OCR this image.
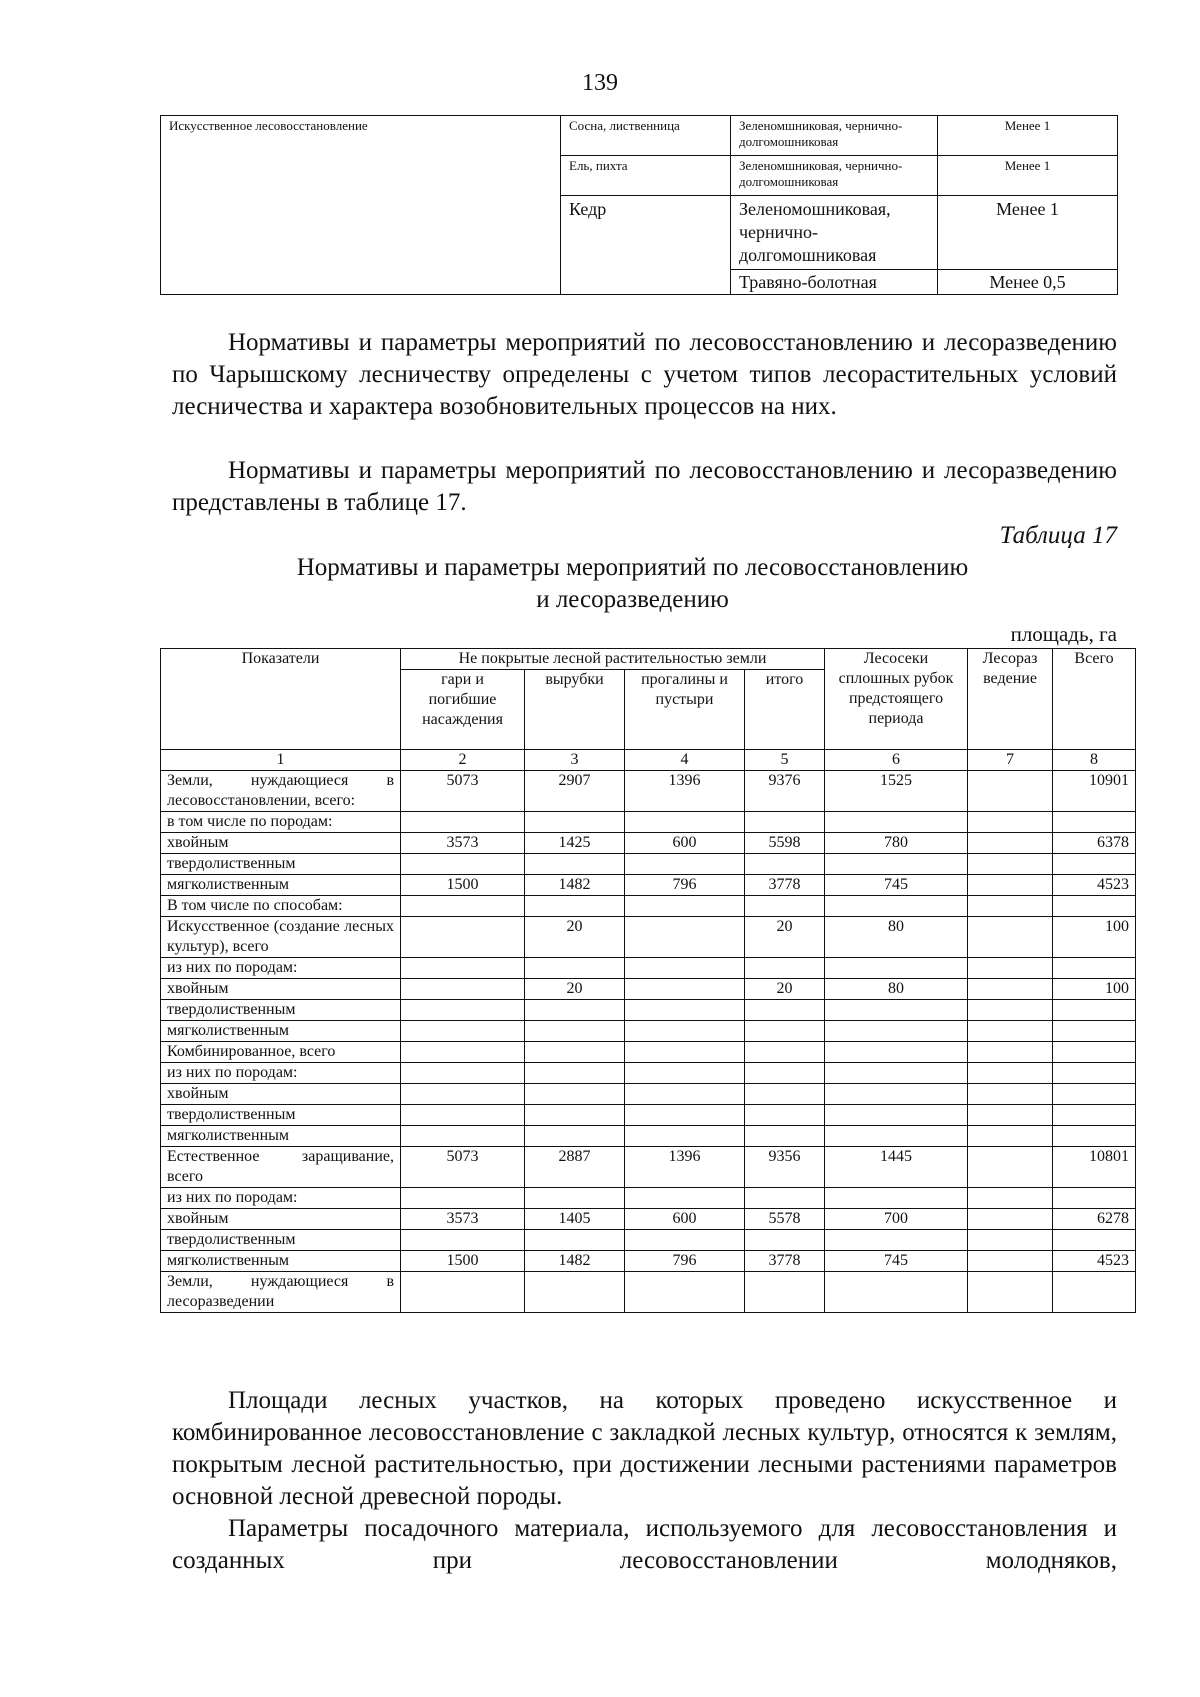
139
Искусственное лесовосстановление	Сосна, лиственница	Зеленомшниковая, чернично-долгомошниковая	Менее 1
	Ель, пихта	Зеленомшниковая, чернично-долгомошниковая	Менее 1
	Кедр	Зеленомошниковая, чернично-долгомошниковая	Менее 1
		Травяно-болотная	Менее 0,5

Нормативы и параметры мероприятий по лесовосстановлению и лесоразведению по Чарышскому лесничеству определены с учетом типов лесорастительных условий лесничества и характера возобновительных процессов на них.

Нормативы и параметры мероприятий по лесовосстановлению и лесоразведению представлены в таблице 17.

Таблица 17
Нормативы и параметры мероприятий по лесовосстановлению
и лесоразведению
площадь, га
Показатели	Не покрытые лесной растительностью земли				Лесосеки сплошных рубок предстоящего периода	Лесораз ведение	Всего
	гари и погибшие насаждения	вырубки	прогалины и пустыри	итого			
1	2	3	4	5	6	7	8
Земли, нуждающиеся в лесовосстановлении, всего:	5073	2907	1396	9376	1525		10901
в том числе по породам:							
хвойным	3573	1425	600	5598	780		6378
твердолиственным							
мягколиственным	1500	1482	796	3778	745		4523
В том числе по способам:							
Искусственное (создание лесных культур), всего		20		20	80		100
из них по породам:							
хвойным		20		20	80		100
твердолиственным							
мягколиственным							
Комбинированное, всего							
из них по породам:							
хвойным							
твердолиственным							
мягколиственным							
Естественное заращивание, всего	5073	2887	1396	9356	1445		10801
из них по породам:							
хвойным	3573	1405	600	5578	700		6278
твердолиственным							
мягколиственным	1500	1482	796	3778	745		4523
Земли, нуждающиеся в лесоразведении							

Площади лесных участков, на которых проведено искусственное и комбинированное лесовосстановление с закладкой лесных культур, относятся к землям, покрытым лесной растительностью, при достижении лесными растениями параметров основной лесной древесной породы.

Параметры посадочного материала, используемого для лесовосстановления и созданных при лесовосстановлении молодняков,
